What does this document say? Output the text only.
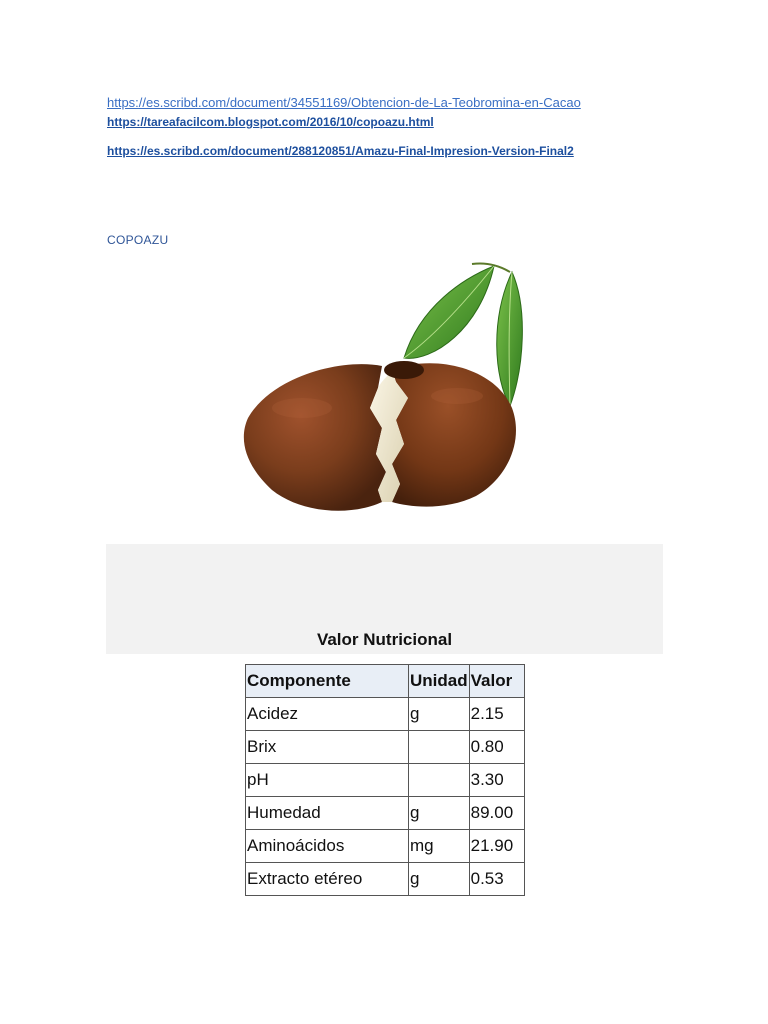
https://es.scribd.com/document/34551169/Obtencion-de-La-Teobromina-en-Cacao
https://tareafacilcom.blogspot.com/2016/10/copoazu.html
https://es.scribd.com/document/288120851/Amazu-Final-Impresion-Version-Final2
COPOAZU
Valor Nutricional
Componente	Unidad	Valor
Acidez	g	2.15
Brix		0.80
pH		3.30
Humedad	g	89.00
Aminoácidos	mg	21.90
Extracto etéreo	g	0.53
